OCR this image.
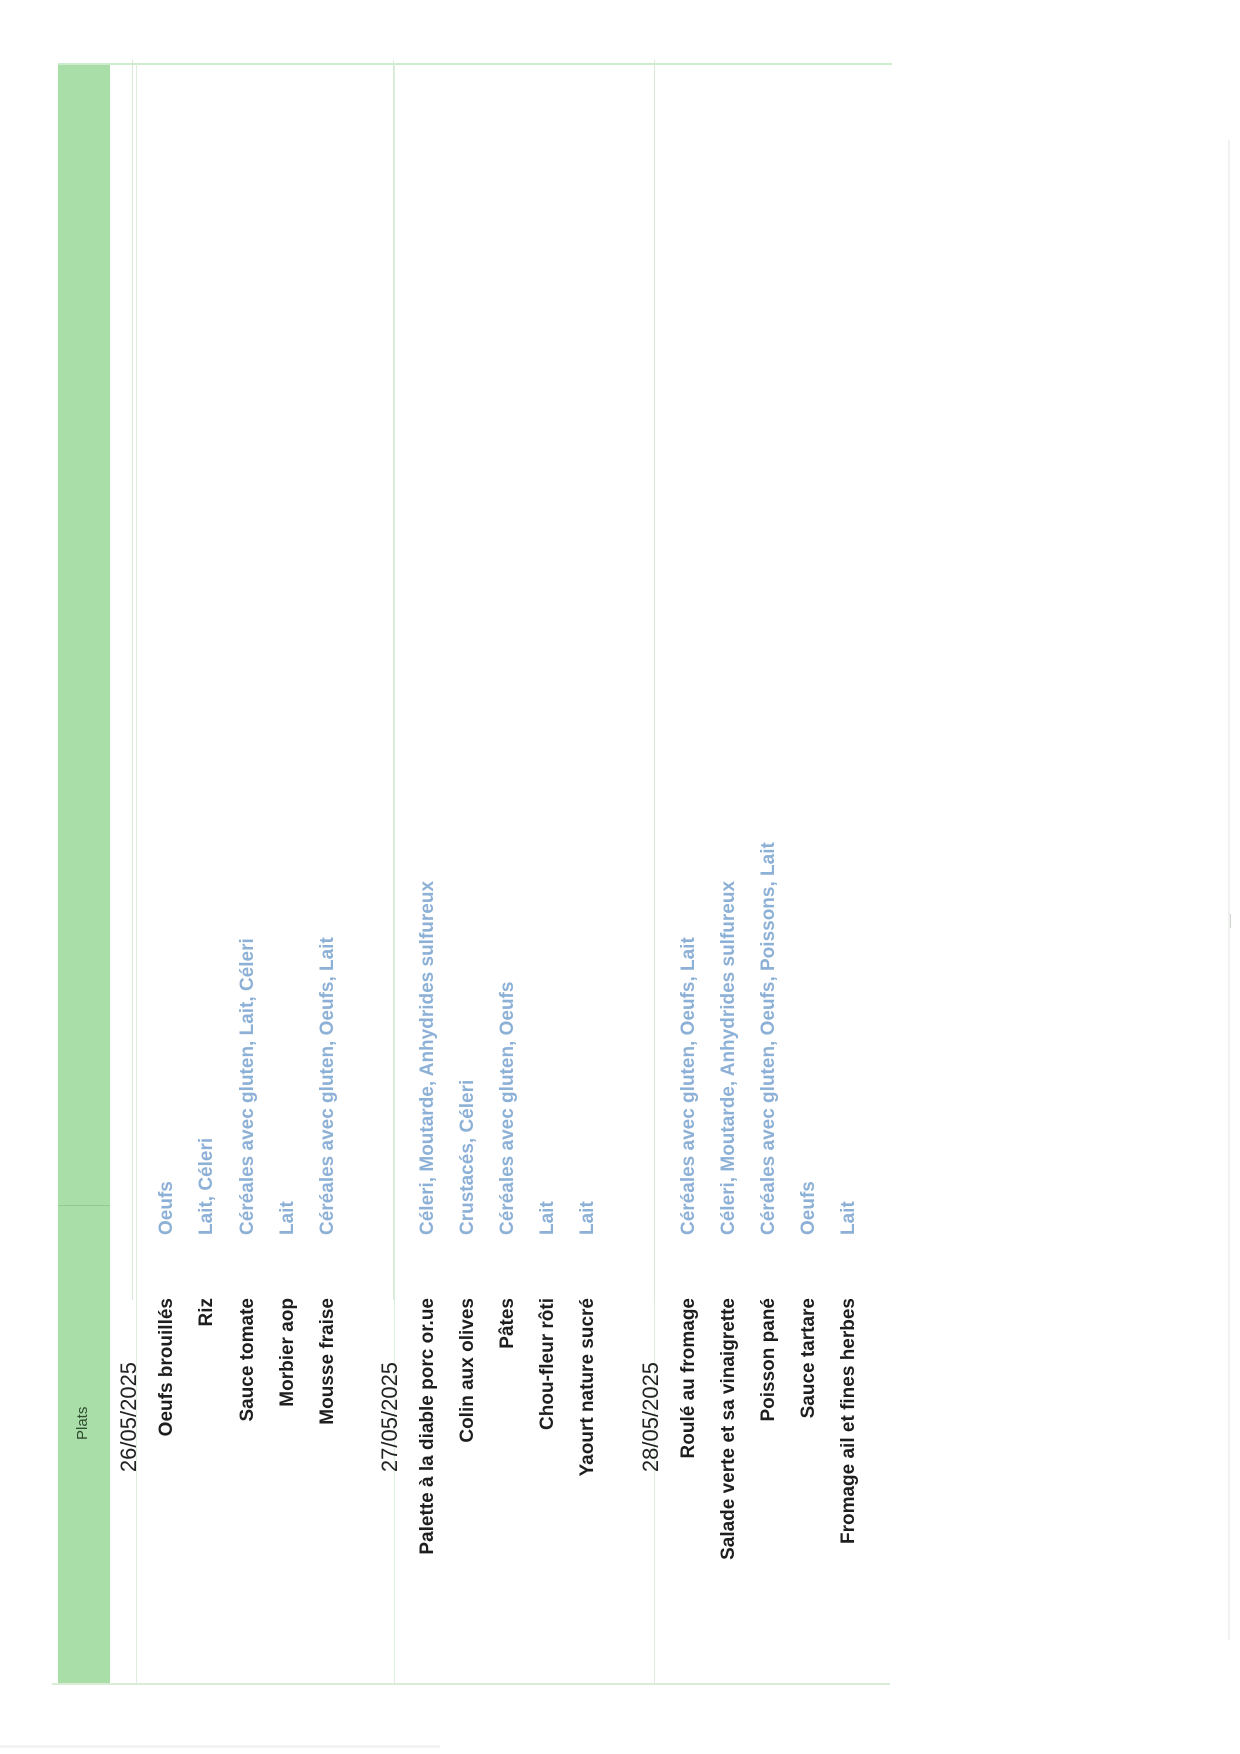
Plats 26/05/2025 Oeufs brouillés
Oeufs
Riz
Lait, Céleri
Sauce tomate
Céréales avec gluten, Lait, Céleri
Morbier aop
Lait
Mousse fraise
Céréales avec gluten, Oeufs, Lait
27/05/2025 Palette à la diable porc or.ue
Céleri, Moutarde, Anhydrides sulfureux
Colin aux olives
Crustacés, Céleri
Pâtes
Céréales avec gluten, Oeufs
Chou-fleur rôti
Lait
Yaourt nature sucré
Lait
28/05/2025 Roulé au fromage
Céréales avec gluten, Oeufs, Lait
Salade verte et sa vinaigrette
Céleri, Moutarde, Anhydrides sulfureux
Poisson pané
Céréales avec gluten, Oeufs, Poissons, Lait
Sauce tartare
Oeufs
Fromage ail et fines herbes
Lait
